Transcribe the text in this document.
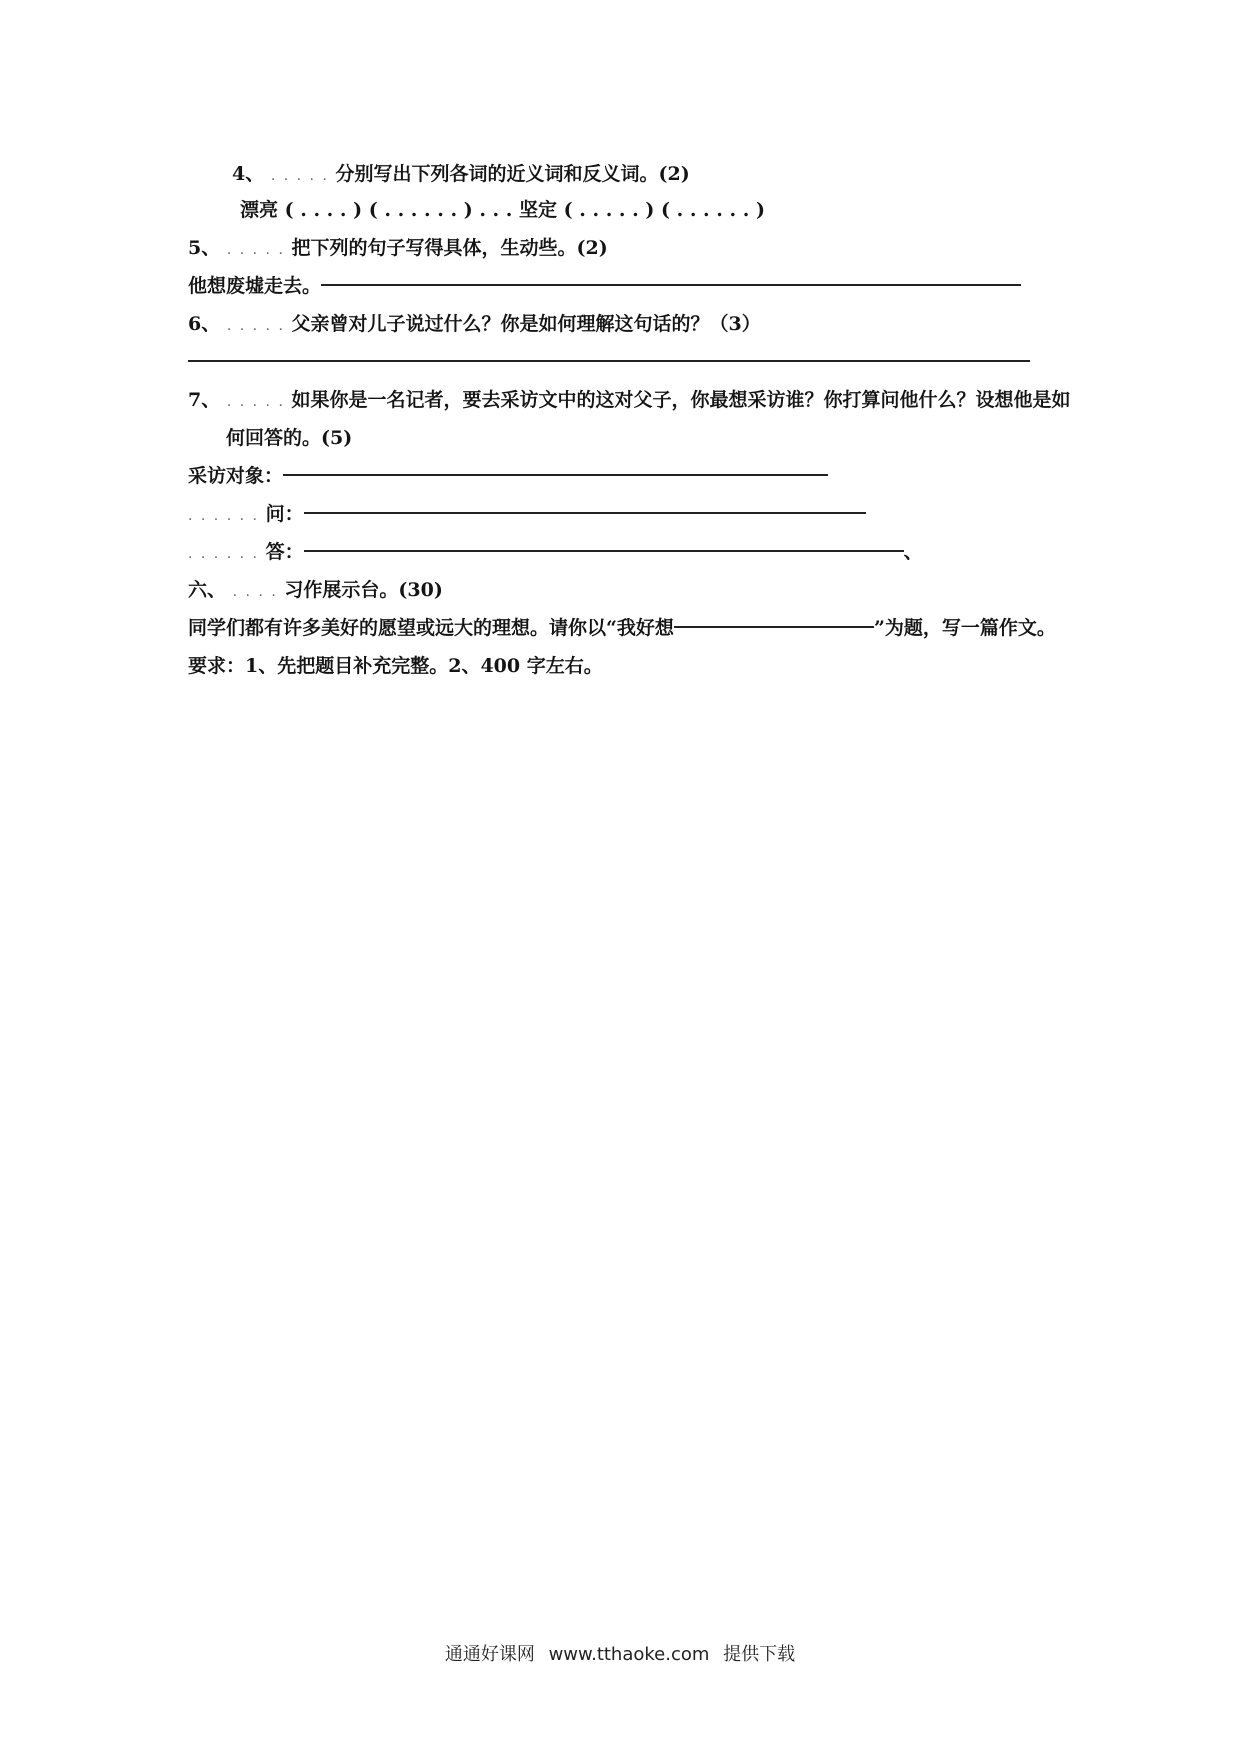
4、 . . . . . 分别写出下列各词的近义词和反义词。(2)
漂亮 ( . . . . ) ( . . . . . . ) . . . 坚定 ( . . . . . ) ( . . . . . . )
5、 . . . . . 把下列的句子写得具体，生动些。(2)
他想废墟走去。
6、 . . . . . 父亲曾对儿子说过什么？你是如何理解这句话的？（3）
7、 . . . . . 如果你是一名记者，要去采访文中的这对父子，你最想采访谁？你打算问他什么？设想他是如
何回答的。(5)
采访对象：
. . . . . . 问：
. . . . . . 答：	、
六、 . . . . 习作展示台。(30)
同学们都有许多美好的愿望或远大的理想。请你以“我好想	”为题，写一篇作文。
要求：1、先把题目补充完整。2、400 字左右。
通通好课网 www.tthaoke.com 提供下载
